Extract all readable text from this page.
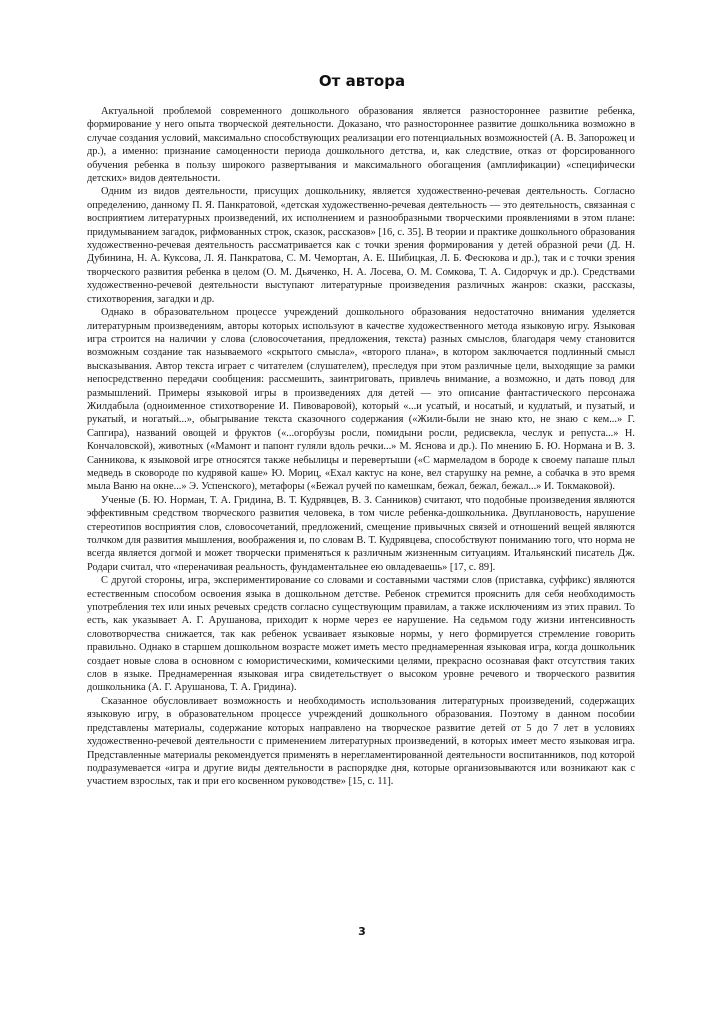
От автора

Актуальной проблемой современного дошкольного образования является разностороннее развитие ребенка, формирование у него опыта творческой деятельности. Доказано, что разностороннее развитие дошкольника возможно в случае создания условий, максимально способствующих реализации его потенциальных возможностей (А. В. Запорожец и др.), а именно: признание самоценности периода дошкольного детства, и, как следствие, отказ от форсированного обучения ребенка в пользу широкого развертывания и максимального обогащения (амплификации) «специфически детских» видов деятельности.

Одним из видов деятельности, присущих дошкольнику, является художественно-речевая деятельность. Согласно определению, данному П. Я. Панкратовой, «детская художественно-речевая деятельность — это деятельность, связанная с восприятием литературных произведений, их исполнением и разнообразными творческими проявлениями в этом плане: придумыванием загадок, рифмованных строк, сказок, рассказов» [16, с. 35]. В теории и практике дошкольного образования художественно-речевая деятельность рассматривается как с точки зрения формирования у детей образной речи (Д. Н. Дубинина, Н. А. Куксова, Л. Я. Панкратова, С. М. Чемортан, А. Е. Шибицкая, Л. Б. Фесюкова и др.), так и с точки зрения творческого развития ребенка в целом (О. М. Дьяченко, Н. А. Лосева, О. М. Сомкова, Т. А. Сидорчук и др.). Средствами художественно-речевой деятельности выступают литературные произведения различных жанров: сказки, рассказы, стихотворения, загадки и др.

Однако в образовательном процессе учреждений дошкольного образования недостаточно внимания уделяется литературным произведениям, авторы которых используют в качестве художественного метода языковую игру. Языковая игра строится на наличии у слова (словосочетания, предложения, текста) разных смыслов, благодаря чему становится возможным создание так называемого «скрытого смысла», «второго плана», в котором заключается подлинный смысл высказывания. Автор текста играет с читателем (слушателем), преследуя при этом различные цели, выходящие за рамки непосредственно передачи сообщения: рассмешить, заинтриговать, привлечь внимание, а возможно, и дать повод для размышлений. Примеры языковой игры в произведениях для детей — это описание фантастического персонажа Жилдабыла (одноименное стихотворение И. Пивоваровой), который «...и усатый, и носатый, и кудлатый, и пузатый, и рукатый, и ногатый...», обыгрывание текста сказочного содержания («Жили-были не знаю кто, не знаю с кем...» Г. Сапгира), названий овощей и фруктов («...огорбузы росли, помидыни росли, редисвекла, чеслук и репуста...» Н. Кончаловской), животных («Мамонт и папонт гуляли вдоль речки...» М. Яснова и др.). По мнению Б. Ю. Нормана и В. З. Санникова, к языковой игре относятся также небылицы и перевертыши («С мармеладом в бороде к своему папаше плыл медведь в сковороде по кудрявой каше» Ю. Мориц, «Ехал кактус на коне, вел старушку на ремне, а собачка в это время мыла Ваню на окне...» Э. Успенского), метафоры («Бежал ручей по камешкам, бежал, бежал, бежал...» И. Токмаковой).

Ученые (Б. Ю. Норман, Т. А. Гридина, В. Т. Кудрявцев, В. З. Санников) считают, что подобные произведения являются эффективным средством творческого развития человека, в том числе ребенка-дошкольника. Двуплановость, нарушение стереотипов восприятия слов, словосочетаний, предложений, смещение привычных связей и отношений вещей являются толчком для развития мышления, воображения и, по словам В. Т. Кудрявцева, способствуют пониманию того, что норма не всегда является догмой и может творчески применяться к различным жизненным ситуациям. Итальянский писатель Дж. Родари считал, что «переначивая реальность, фундаментальнее ею овладеваешь» [17, с. 89].

С другой стороны, игра, экспериментирование со словами и составными частями слов (приставка, суффикс) являются естественным способом освоения языка в дошкольном детстве. Ребенок стремится прояснить для себя необходимость употребления тех или иных речевых средств согласно существующим правилам, а также исключениям из этих правил. То есть, как указывает А. Г. Арушанова, приходит к норме через ее нарушение. На седьмом году жизни интенсивность словотворчества снижается, так как ребенок усваивает языковые нормы, у него формируется стремление говорить правильно. Однако в старшем дошкольном возрасте может иметь место преднамеренная языковая игра, когда дошкольник создает новые слова в основном с юмористическими, комическими целями, прекрасно осознавая факт отсутствия таких слов в языке. Преднамеренная языковая игра свидетельствует о высоком уровне речевого и творческого развития дошкольника (А. Г. Арушанова, Т. А. Гридина).

Сказанное обусловливает возможность и необходимость использования литературных произведений, содержащих языковую игру, в образовательном процессе учреждений дошкольного образования. Поэтому в данном пособии представлены материалы, содержание которых направлено на творческое развитие детей от 5 до 7 лет в условиях художественно-речевой деятельности с применением литературных произведений, в которых имеет место языковая игра. Представленные материалы рекомендуется применять в нерегламентированной деятельности воспитанников, под которой подразумевается «игра и другие виды деятельности в распорядке дня, которые организовываются или возникают как с участием взрослых, так и при его косвенном руководстве» [15, с. 11].

3
